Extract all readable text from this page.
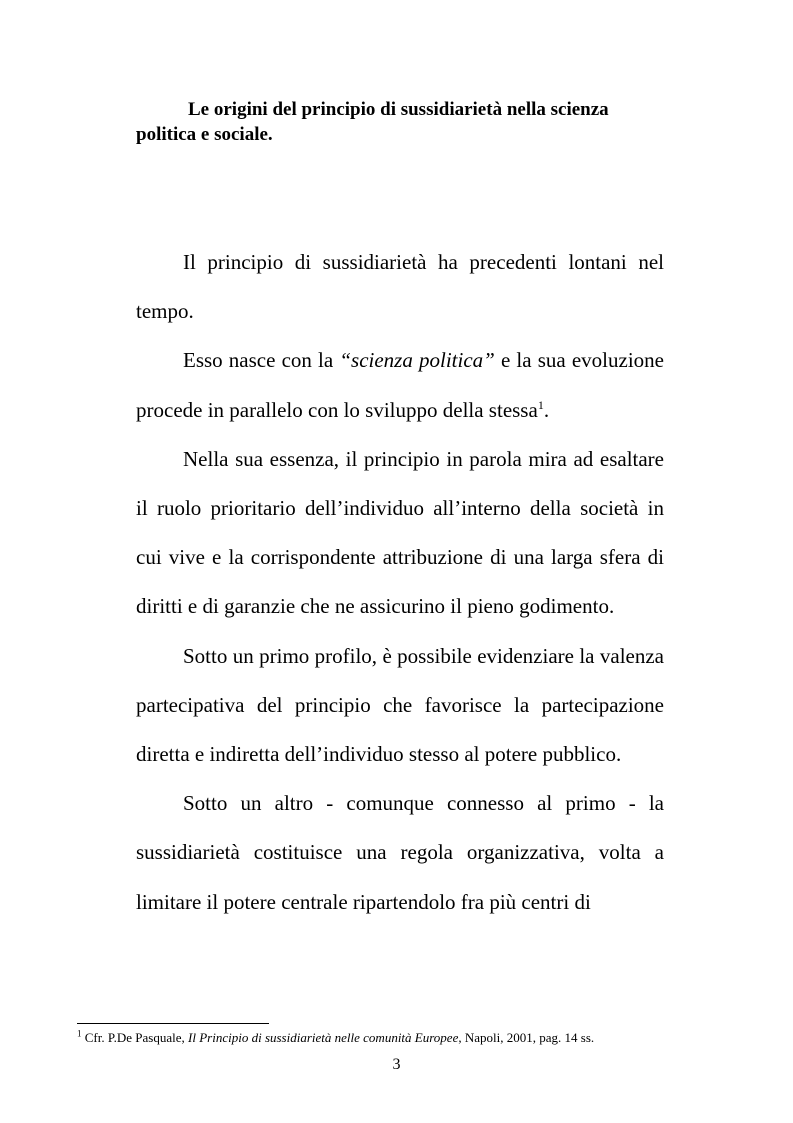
Le origini del principio di sussidiarietà nella scienza politica e sociale.

Il principio di sussidiarietà ha precedenti lontani nel tempo.

Esso nasce con la “scienza politica” e la sua evoluzione procede in parallelo con lo sviluppo della stessa$^1$.

Nella sua essenza, il principio in parola mira ad esaltare il ruolo prioritario dell’individuo all’interno della società in cui vive e la corrispondente attribuzione di una larga sfera di diritti e di garanzie che ne assicurino il pieno godimento.

Sotto un primo profilo, è possibile evidenziare la valenza partecipativa del principio che favorisce la partecipazione diretta e indiretta dell’individuo stesso al potere pubblico.

Sotto un altro - comunque connesso al primo - la sussidiarietà costituisce una regola organizzativa, volta a limitare il potere centrale ripartendolo fra più centri di

$^1$ Cfr. P.De Pasquale, Il Principio di sussidiarietà nelle comunità Europee, Napoli, 2001, pag. 14 ss.
3
